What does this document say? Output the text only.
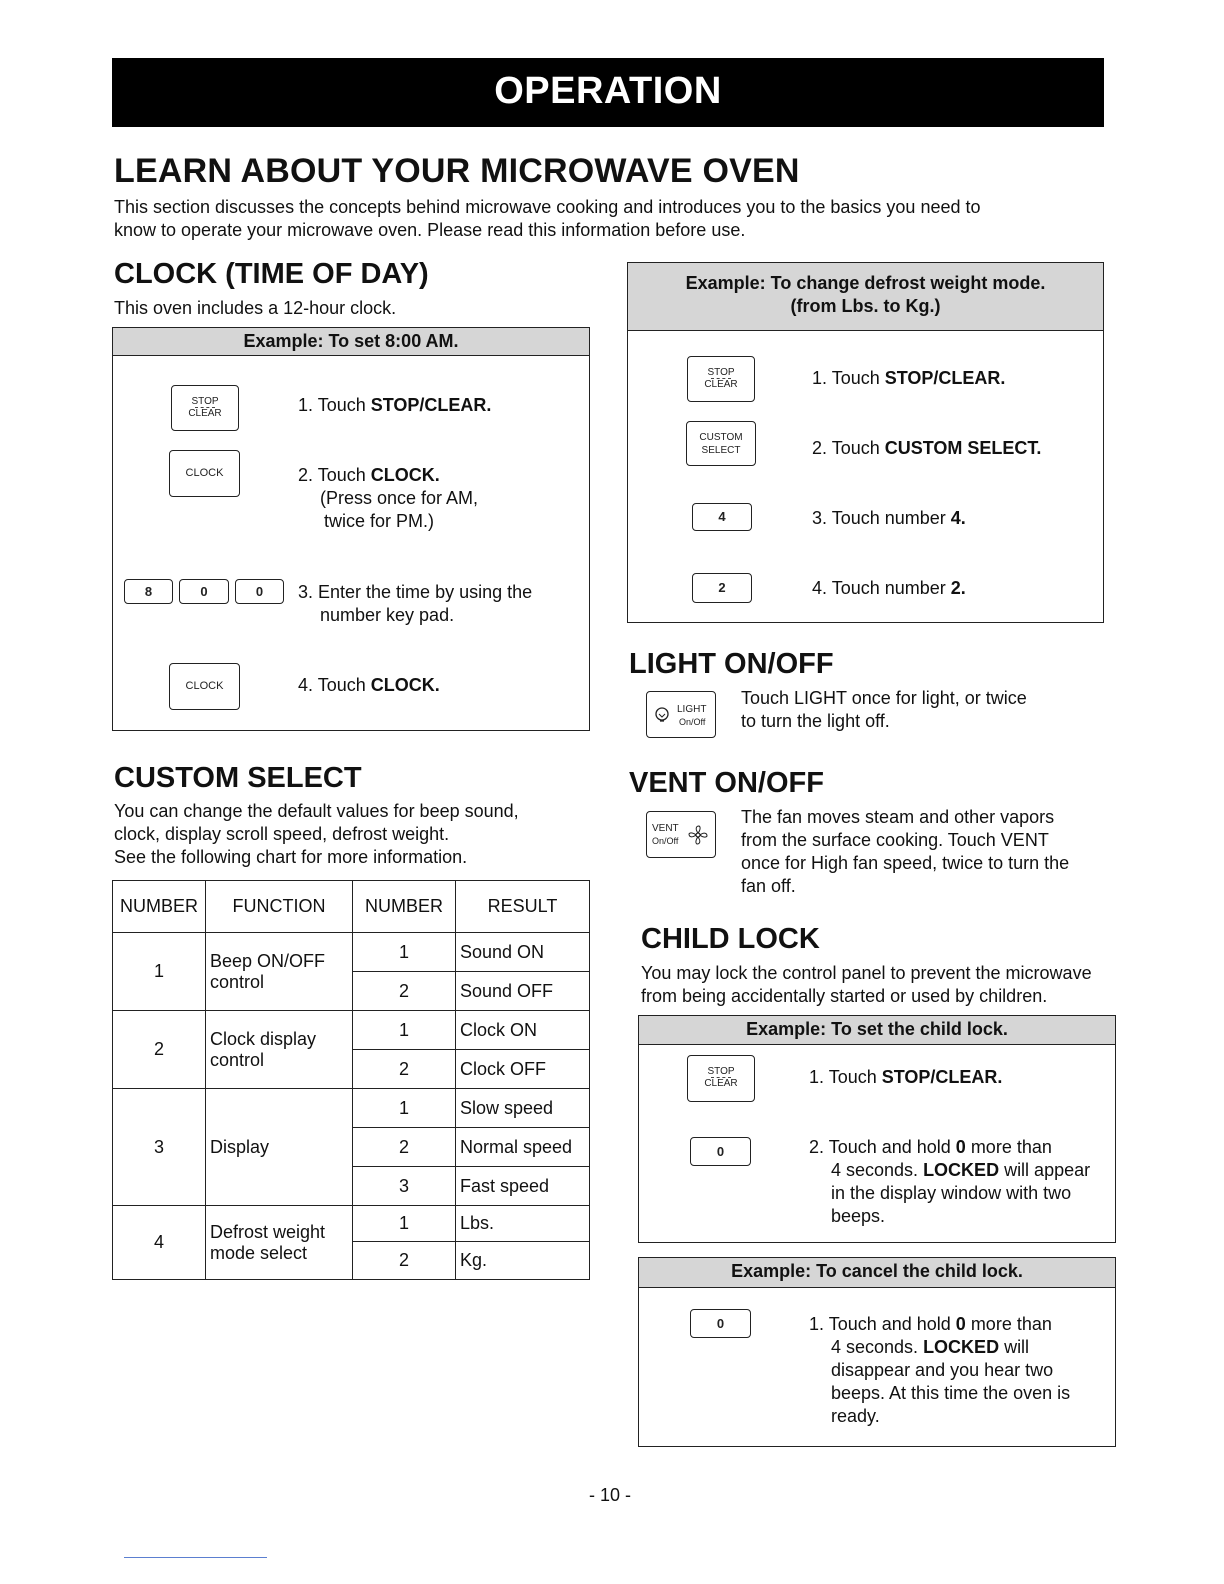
OPERATION
LEARN ABOUT YOUR MICROWAVE OVEN
This section discusses the concepts behind microwave cooking and introduces you to the basics you need to
know to operate your microwave oven. Please read this information before use.
CLOCK (TIME OF DAY)
This oven includes a 12-hour clock.
Example: To set 8:00 AM.
STOP
CLEAR
CLOCK
8	0	0
CLOCK
1. Touch STOP/CLEAR.
2. Touch CLOCK.
(Press once for AM,
twice for PM.)
3. Enter the time by using the
number key pad.
4. Touch CLOCK.
CUSTOM SELECT
You can change the default values for beep sound,
clock, display scroll speed, defrost weight.
See the following chart for more information.
NUMBER	FUNCTION	NUMBER	RESULT
1	Beep ON/OFF
control	1	Sound ON
		2	Sound OFF
2	Clock display
control	1	Clock ON
		2	Clock OFF
3	Display	1	Slow speed
		2	Normal speed
		3	Fast speed
4	Defrost weight
mode select	1	Lbs.
		2	Kg.
Example: To change defrost weight mode.
(from Lbs. to Kg.)
STOP
CLEAR
CUSTOM
SELECT
4
2
1. Touch STOP/CLEAR.
2. Touch CUSTOM SELECT.
3. Touch number 4.
4. Touch number 2.
LIGHT ON/OFF
LIGHT
On/Off
Touch LIGHT once for light, or twice
to turn the light off.
VENT ON/OFF
VENT
On/Off
The fan moves steam and other vapors
from the surface cooking. Touch VENT
once for High fan speed, twice to turn the
fan off.
CHILD LOCK
You may lock the control panel to prevent the microwave
from being accidentally started or used by children.
Example: To set the child lock.
STOP
CLEAR
0
1. Touch STOP/CLEAR.
2. Touch and hold 0 more than
4 seconds. LOCKED will appear
in the display window with two
beeps.
Example: To cancel the child lock.
0	1. Touch and hold 0 more than
4 seconds. LOCKED will
disappear and you hear two
beeps. At this time the oven is
ready.
- 10 -
